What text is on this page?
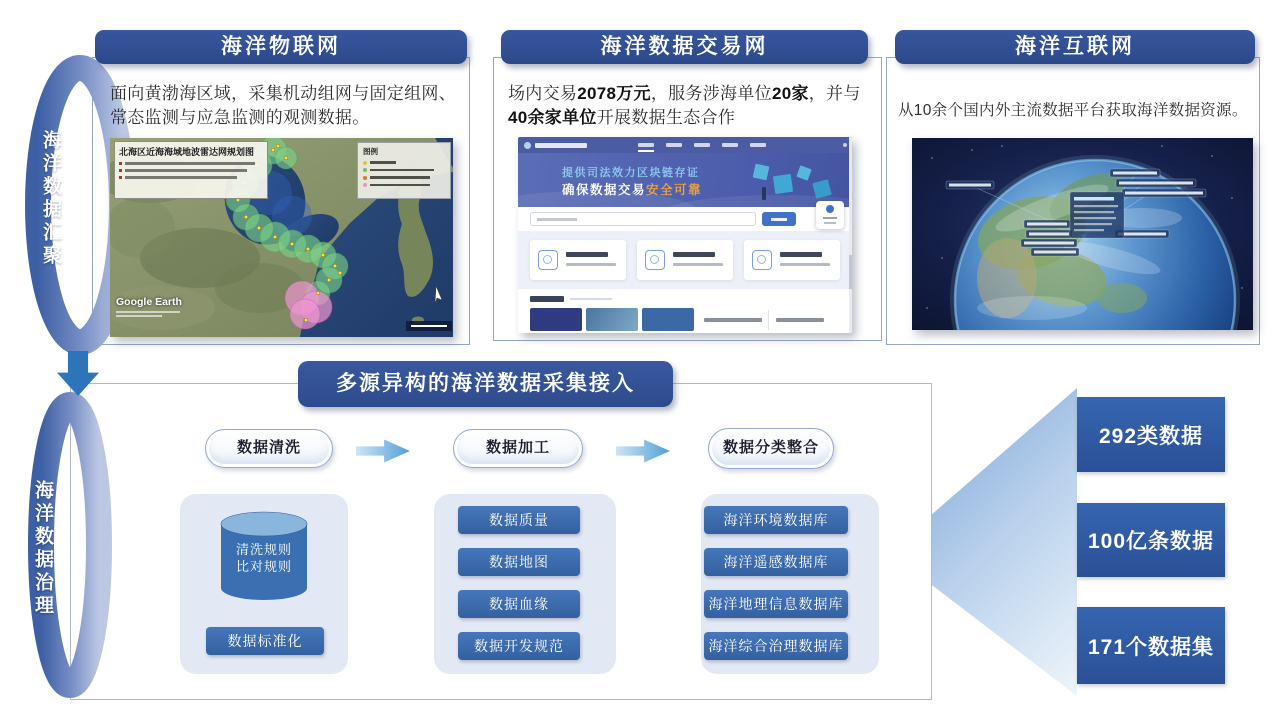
海洋数据汇聚
海洋数据治理
海洋物联网
面向黄渤海区域，采集机动组网与固定组网、常态监测与应急监测的观测数据。
北海区近海海域地波雷达网规划图	图例
Google Earth
海洋数据交易网
场内交易2078万元，服务涉海单位20家，并与40余家单位开展数据生态合作
提供司法效力区块链存证
确保数据交易安全可靠
海洋互联网
从10余个国内外主流数据平台获取海洋数据资源。
多源异构的海洋数据采集接入
数据清洗	数据加工	数据分类整合
清洗规则
比对规则
数据标准化
数据质量
数据地图
数据血缘
数据开发规范
海洋环境数据库
海洋遥感数据库
海洋地理信息数据库
海洋综合治理数据库
292类数据
100亿条数据
171个数据集
